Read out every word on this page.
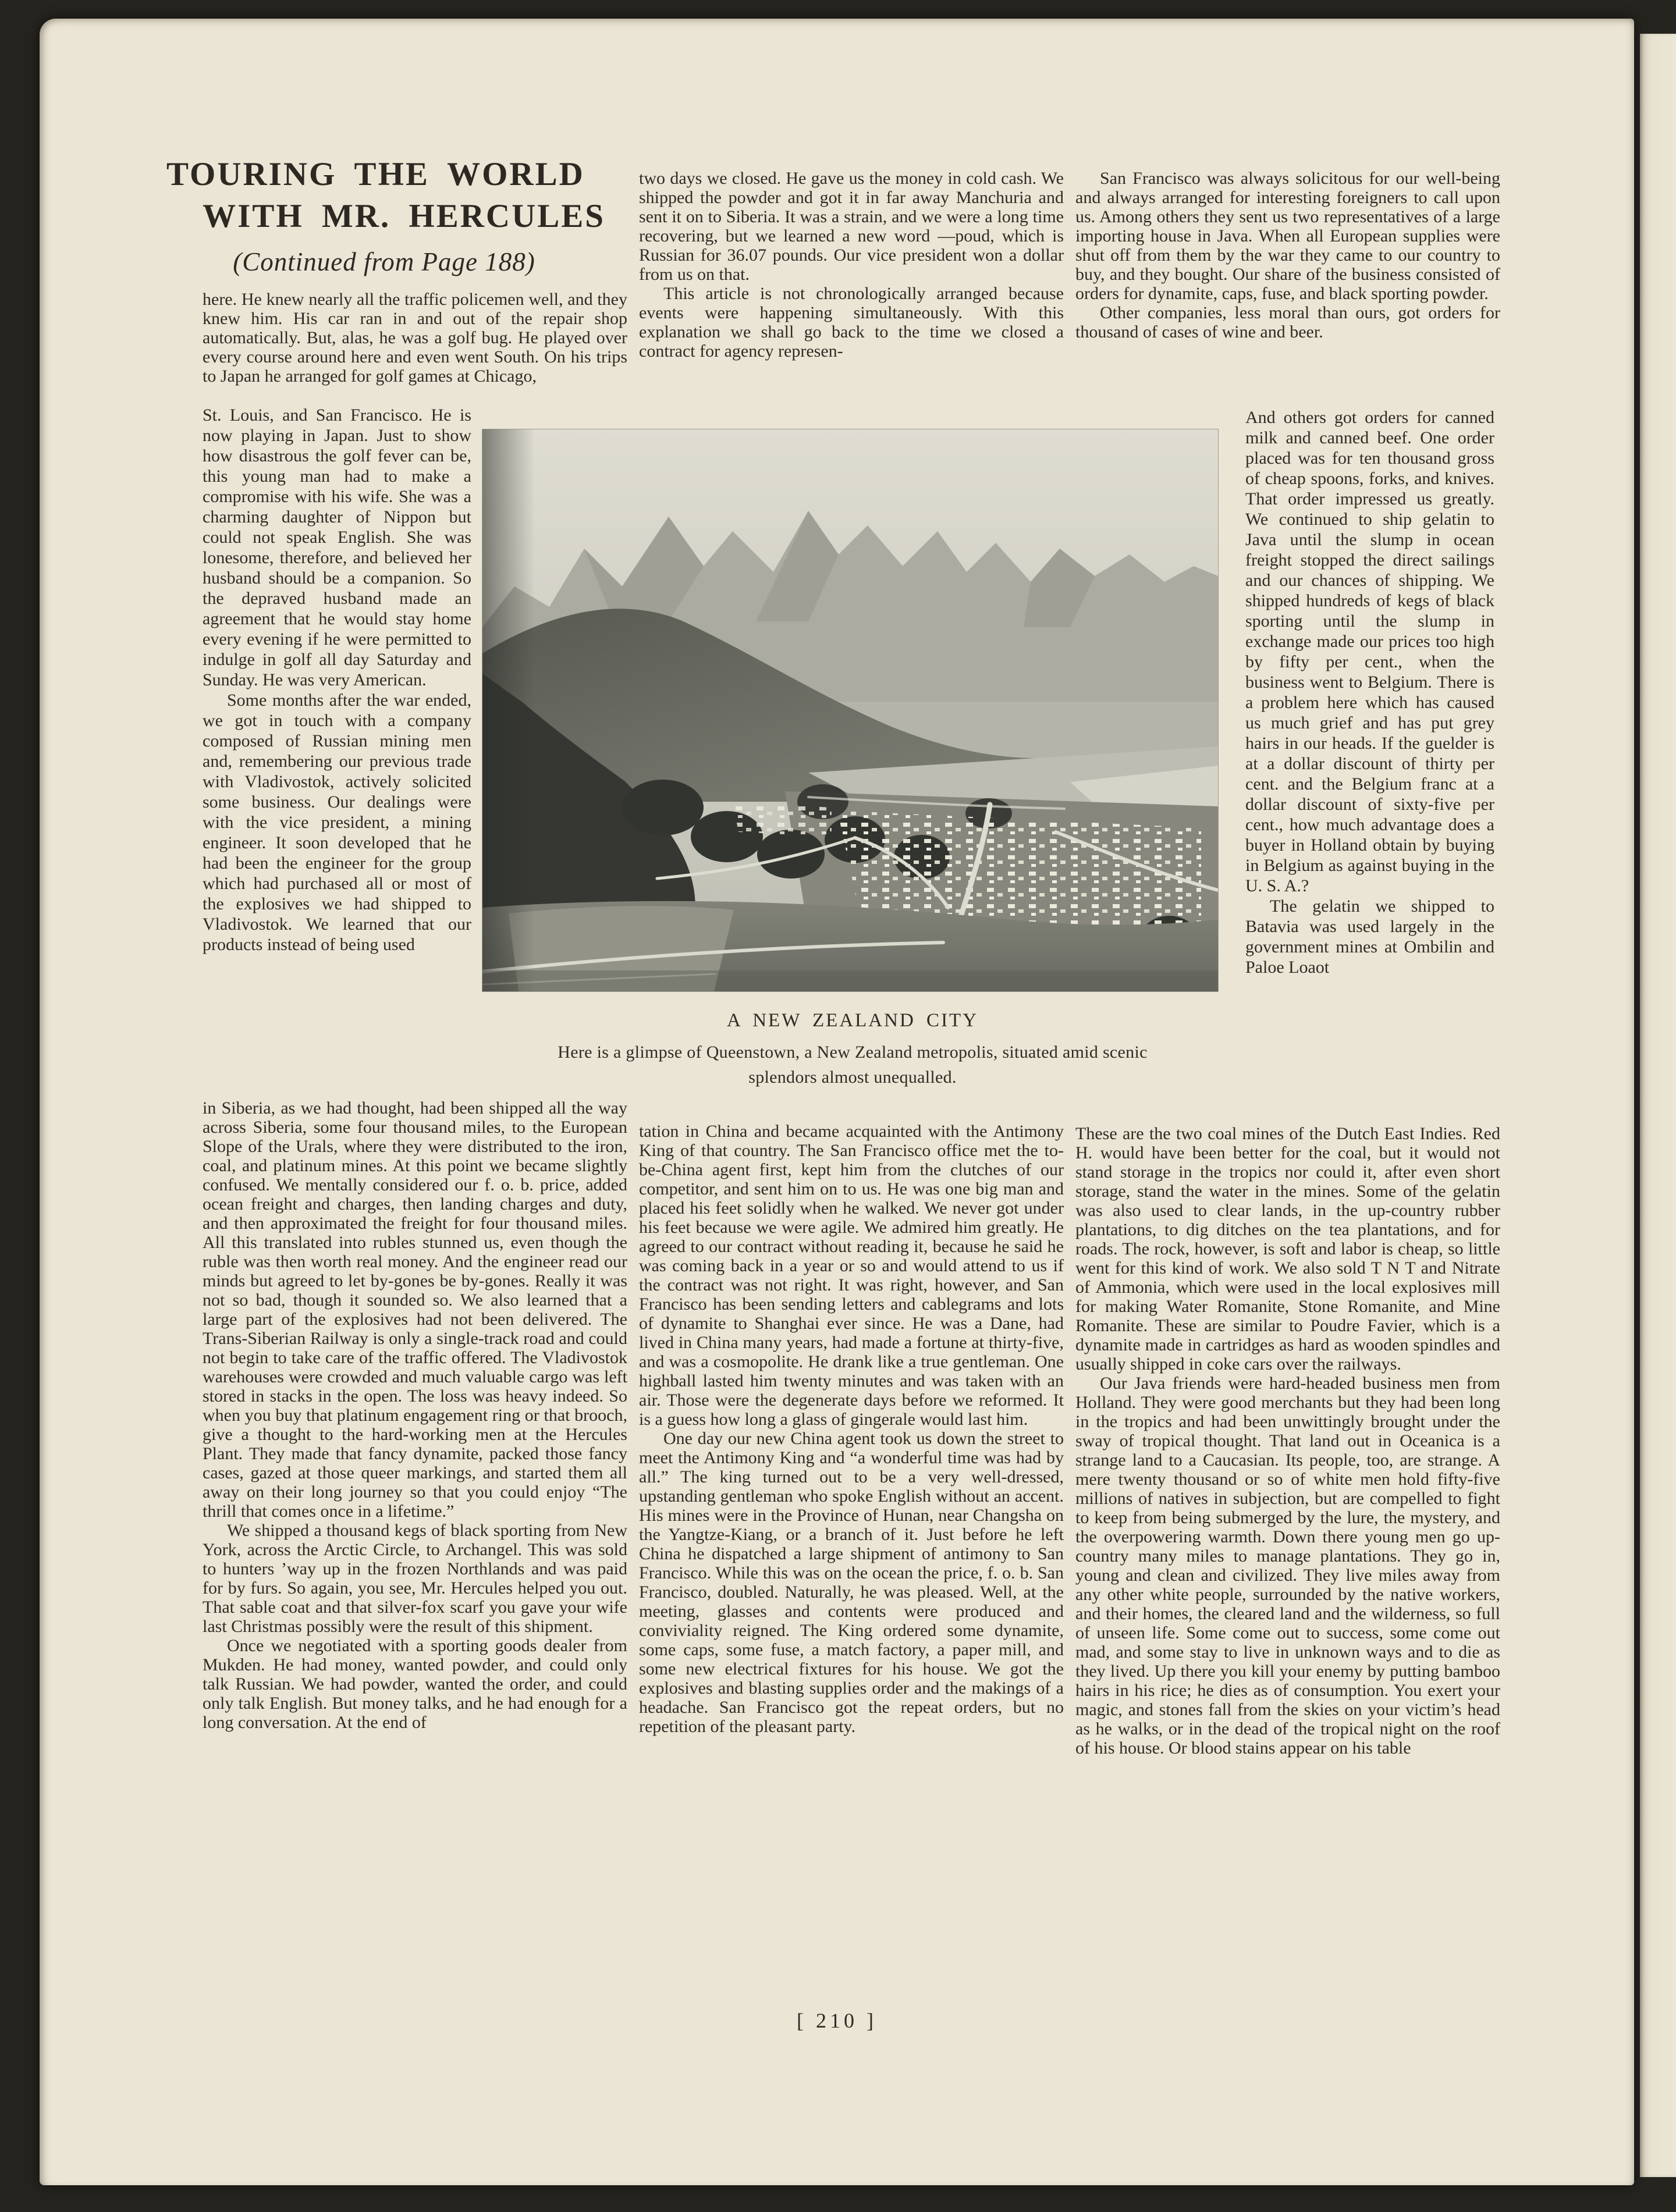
TOURING THE WORLD
WITH MR. HERCULES
(Continued from Page 188)

here. He knew nearly all the traffic policemen well, and they knew him. His car ran in and out of the repair shop automatically. But, alas, he was a golf bug. He played over every course around here and even went South. On his trips to Japan he arranged for golf games at Chicago,

St. Louis, and San Francisco. He is now playing in Japan. Just to show how disastrous the golf fever can be, this young man had to make a compromise with his wife. She was a charming daughter of Nippon but could not speak English. She was lonesome, therefore, and believed her husband should be a companion. So the depraved husband made an agreement that he would stay home every evening if he were permitted to indulge in golf all day Saturday and Sunday. He was very American.

Some months after the war ended, we got in touch with a company composed of Russian mining men and, remembering our previous trade with Vladivostok, actively solicited some business. Our dealings were with the vice president, a mining engineer. It soon developed that he had been the engineer for the group which had purchased all or most of the explosives we had shipped to Vladivostok. We learned that our products instead of being used

in Siberia, as we had thought, had been shipped all the way across Siberia, some four thousand miles, to the European Slope of the Urals, where they were distributed to the iron, coal, and platinum mines. At this point we became slightly confused. We mentally considered our f. o. b. price, added ocean freight and charges, then landing charges and duty, and then approximated the freight for four thousand miles. All this translated into rubles stunned us, even though the ruble was then worth real money. And the engineer read our minds but agreed to let by-gones be by-gones. Really it was not so bad, though it sounded so. We also learned that a large part of the explosives had not been delivered. The Trans-Siberian Railway is only a single-track road and could not begin to take care of the traffic offered. The Vladivostok warehouses were crowded and much valuable cargo was left stored in stacks in the open. The loss was heavy indeed. So when you buy that platinum engagement ring or that brooch, give a thought to the hard-working men at the Hercules Plant. They made that fancy dynamite, packed those fancy cases, gazed at those queer markings, and started them all away on their long journey so that you could enjoy “The thrill that comes once in a lifetime.”

We shipped a thousand kegs of black sporting from New York, across the Arctic Circle, to Archangel. This was sold to hunters ’way up in the frozen Northlands and was paid for by furs. So again, you see, Mr. Hercules helped you out. That sable coat and that silver-fox scarf you gave your wife last Christmas possibly were the result of this shipment.

Once we negotiated with a sporting goods dealer from Mukden. He had money, wanted powder, and could only talk Russian. We had powder, wanted the order, and could only talk English. But money talks, and he had enough for a long conversation. At the end of

two days we closed. He gave us the money in cold cash. We shipped the powder and got it in far away Manchuria and sent it on to Siberia. It was a strain, and we were a long time recovering, but we learned a new word —poud, which is Russian for 36.07 pounds. Our vice president won a dollar from us on that.

This article is not chronologically arranged because events were happening simultaneously. With this explanation we shall go back to the time we closed a contract for agency represen-

tation in China and became acquainted with the Antimony King of that country. The San Francisco office met the to-be-China agent first, kept him from the clutches of our competitor, and sent him on to us. He was one big man and placed his feet solidly when he walked. We never got under his feet because we were agile. We admired him greatly. He agreed to our contract without reading it, because he said he was coming back in a year or so and would attend to us if the contract was not right. It was right, however, and San Francisco has been sending letters and cablegrams and lots of dynamite to Shanghai ever since. He was a Dane, had lived in China many years, had made a fortune at thirty-five, and was a cosmopolite. He drank like a true gentleman. One highball lasted him twenty minutes and was taken with an air. Those were the degenerate days before we reformed. It is a guess how long a glass of gingerale would last him.

One day our new China agent took us down the street to meet the Antimony King and “a wonderful time was had by all.” The king turned out to be a very well-dressed, upstanding gentleman who spoke English without an accent. His mines were in the Province of Hunan, near Changsha on the Yangtze-Kiang, or a branch of it. Just before he left China he dispatched a large shipment of antimony to San Francisco. While this was on the ocean the price, f. o. b. San Francisco, doubled. Naturally, he was pleased. Well, at the meeting, glasses and contents were produced and conviviality reigned. The King ordered some dynamite, some caps, some fuse, a match factory, a paper mill, and some new electrical fixtures for his house. We got the explosives and blasting supplies order and the makings of a headache. San Francisco got the repeat orders, but no repetition of the pleasant party.

San Francisco was always solicitous for our well-being and always arranged for interesting foreigners to call upon us. Among others they sent us two representatives of a large importing house in Java. When all European supplies were shut off from them by the war they came to our country to buy, and they bought. Our share of the business consisted of orders for dynamite, caps, fuse, and black sporting powder.

Other companies, less moral than ours, got orders for thousand of cases of wine and beer.

And others got orders for canned milk and canned beef. One order placed was for ten thousand gross of cheap spoons, forks, and knives. That order impressed us greatly. We continued to ship gelatin to Java until the slump in ocean freight stopped the direct sailings and our chances of shipping. We shipped hundreds of kegs of black sporting until the slump in exchange made our prices too high by fifty per cent., when the business went to Belgium. There is a problem here which has caused us much grief and has put grey hairs in our heads. If the guelder is at a dollar discount of thirty per cent. and the Belgium franc at a dollar discount of sixty-five per cent., how much advantage does a buyer in Holland obtain by buying in Belgium as against buying in the U. S. A.?

The gelatin we shipped to Batavia was used largely in the government mines at Ombilin and Paloe Loaot

These are the two coal mines of the Dutch East Indies. Red H. would have been better for the coal, but it would not stand storage in the tropics nor could it, after even short storage, stand the water in the mines. Some of the gelatin was also used to clear lands, in the up-country rubber plantations, to dig ditches on the tea plantations, and for roads. The rock, however, is soft and labor is cheap, so little went for this kind of work. We also sold T N T and Nitrate of Ammonia, which were used in the local explosives mill for making Water Romanite, Stone Romanite, and Mine Romanite. These are similar to Poudre Favier, which is a dynamite made in cartridges as hard as wooden spindles and usually shipped in coke cars over the railways.

Our Java friends were hard-headed business men from Holland. They were good merchants but they had been long in the tropics and had been unwittingly brought under the sway of tropical thought. That land out in Oceanica is a strange land to a Caucasian. Its people, too, are strange. A mere twenty thousand or so of white men hold fifty-five millions of natives in subjection, but are compelled to fight to keep from being submerged by the lure, the mystery, and the overpowering warmth. Down there young men go up-country many miles to manage plantations. They go in, young and clean and civilized. They live miles away from any other white people, surrounded by the native workers, and their homes, the cleared land and the wilderness, so full of unseen life. Some come out to success, some come out mad, and some stay to live in unknown ways and to die as they lived. Up there you kill your enemy by putting bamboo hairs in his rice; he dies as of consumption. You exert your magic, and stones fall from the skies on your victim’s head as he walks, or in the dead of the tropical night on the roof of his house. Or blood stains appear on his table

A NEW ZEALAND CITY
Here is a glimpse of Queenstown, a New Zealand metropolis, situated amid scenic
splendors almost unequalled.
[ 210 ]
